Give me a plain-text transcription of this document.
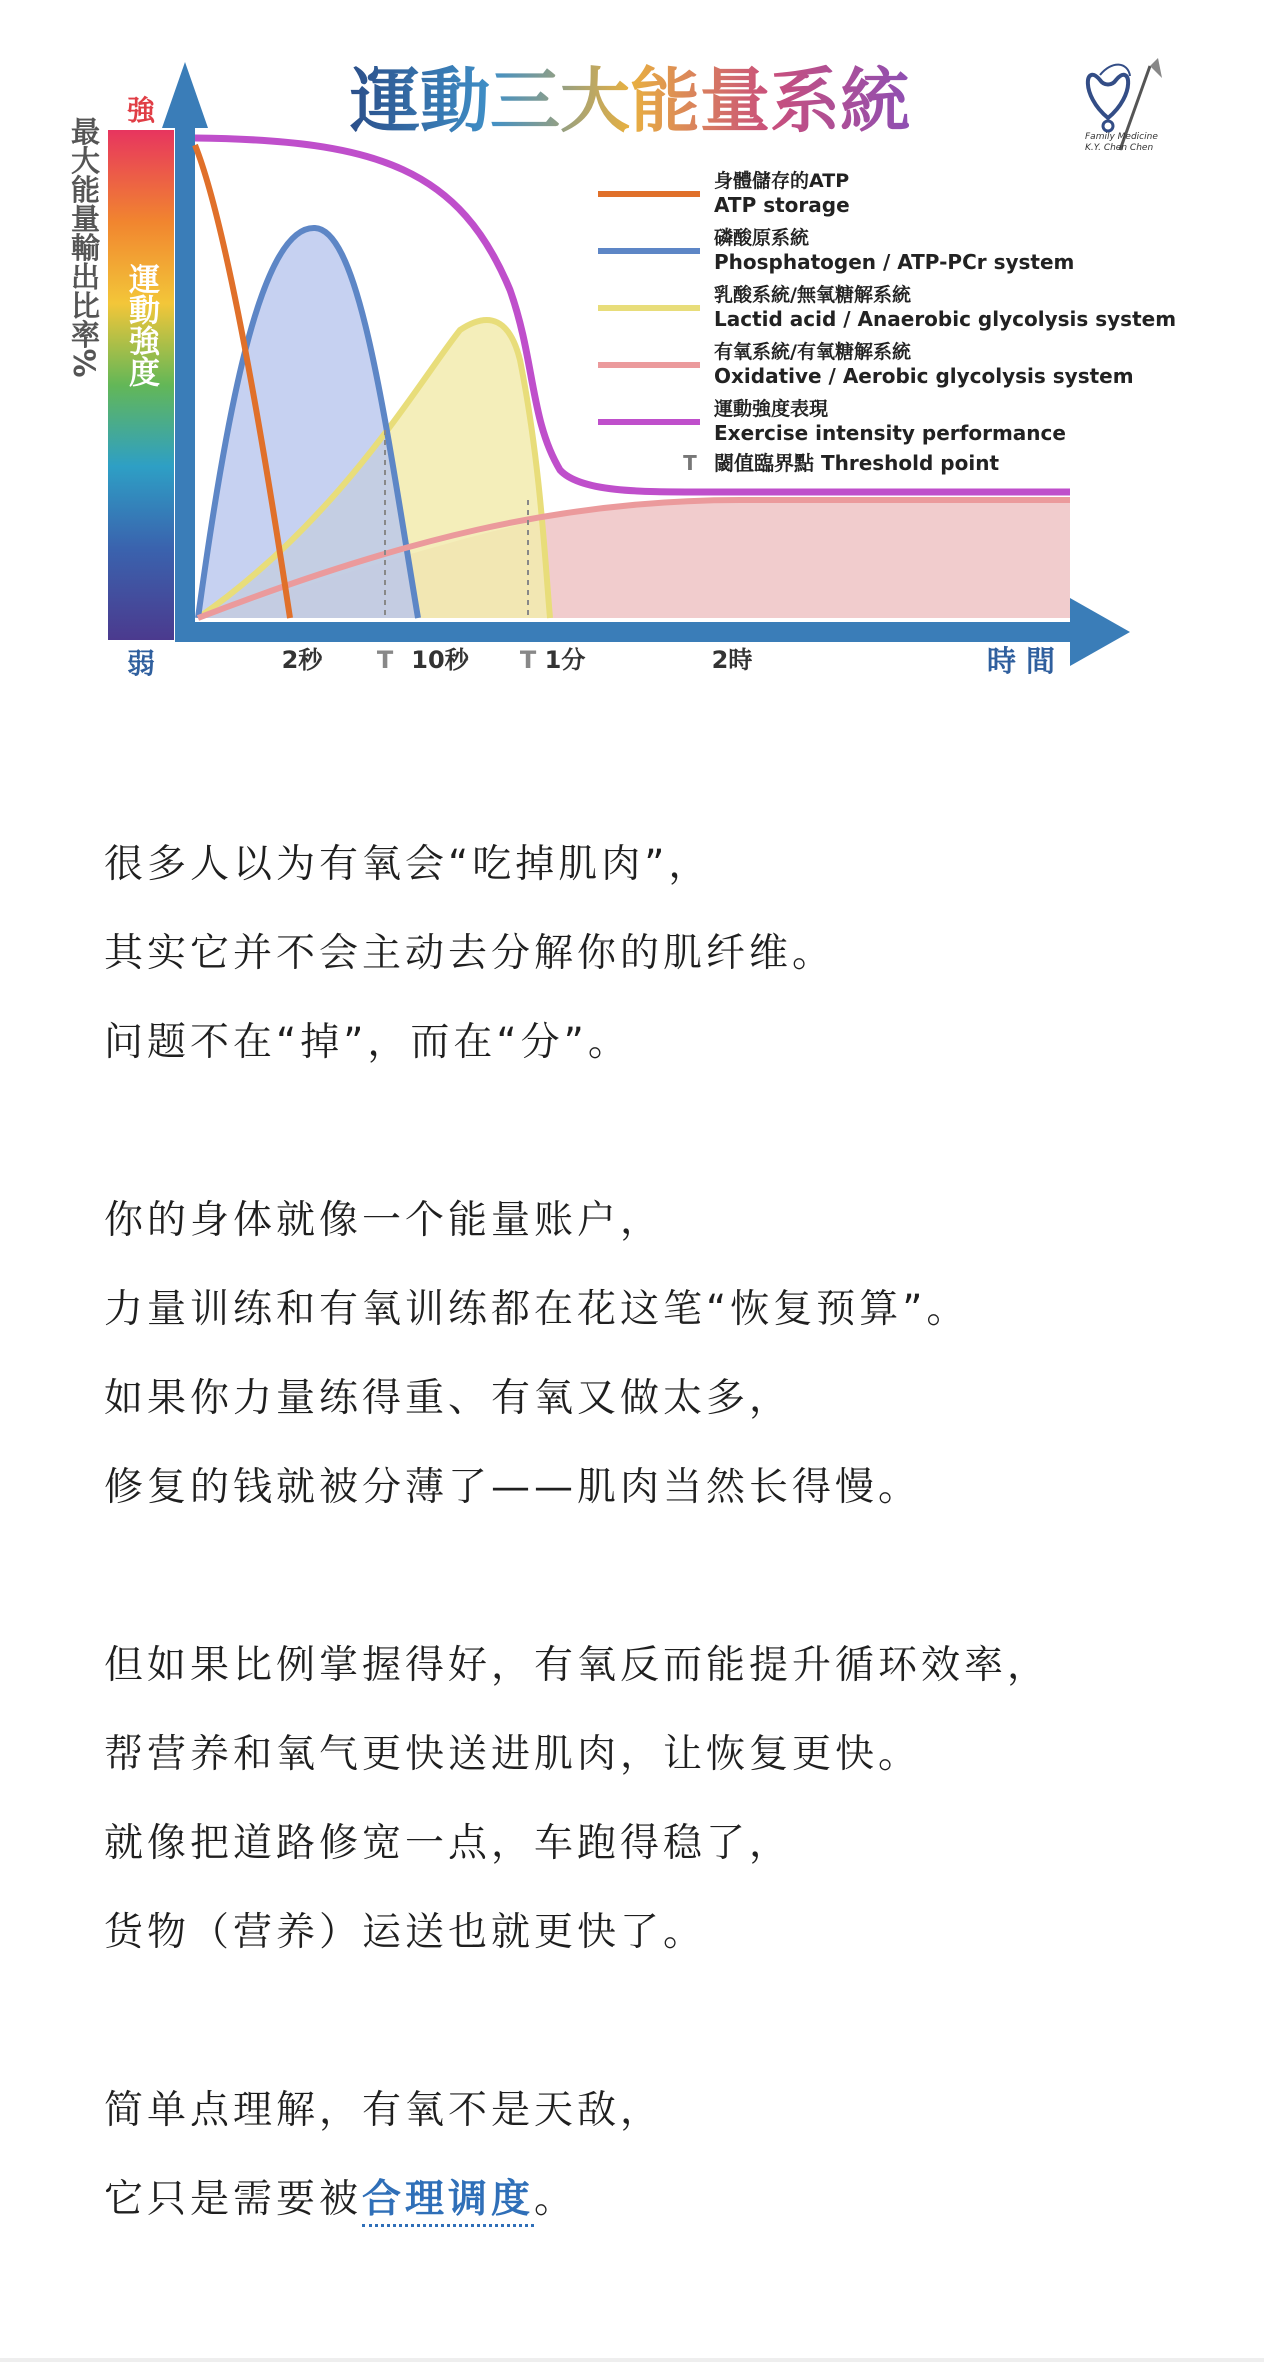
運動三大能量系統	Family Medicine
K.Y. Chen Chen
強
弱
運動強度
最大能量輸出比率%	身體儲存的ATP
ATP storage
磷酸原系統
Phosphatogen / ATP-PCr system
乳酸系統/無氧糖解系統
Lactid acid / Anaerobic glycolysis system
有氧系統/有氧糖解系統
Oxidative / Aerobic glycolysis system
運動強度表現
Exercise intensity performance
T 閾值臨界點 Threshold point
2秒 T 10秒 T 1分	2時	時 間

很多人以为有氧会“吃掉肌肉”，

其实它并不会主动去分解你的肌纤维。

问题不在“掉”，而在“分”。

你的身体就像一个能量账户，

力量训练和有氧训练都在花这笔“恢复预算”。

如果你力量练得重、有氧又做太多，

修复的钱就被分薄了——肌肉当然长得慢。

但如果比例掌握得好，有氧反而能提升循环效率，

帮营养和氧气更快送进肌肉，让恢复更快。

就像把道路修宽一点，车跑得稳了，

货物（营养）运送也就更快了。

简单点理解，有氧不是天敌，

它只是需要被合理调度。
